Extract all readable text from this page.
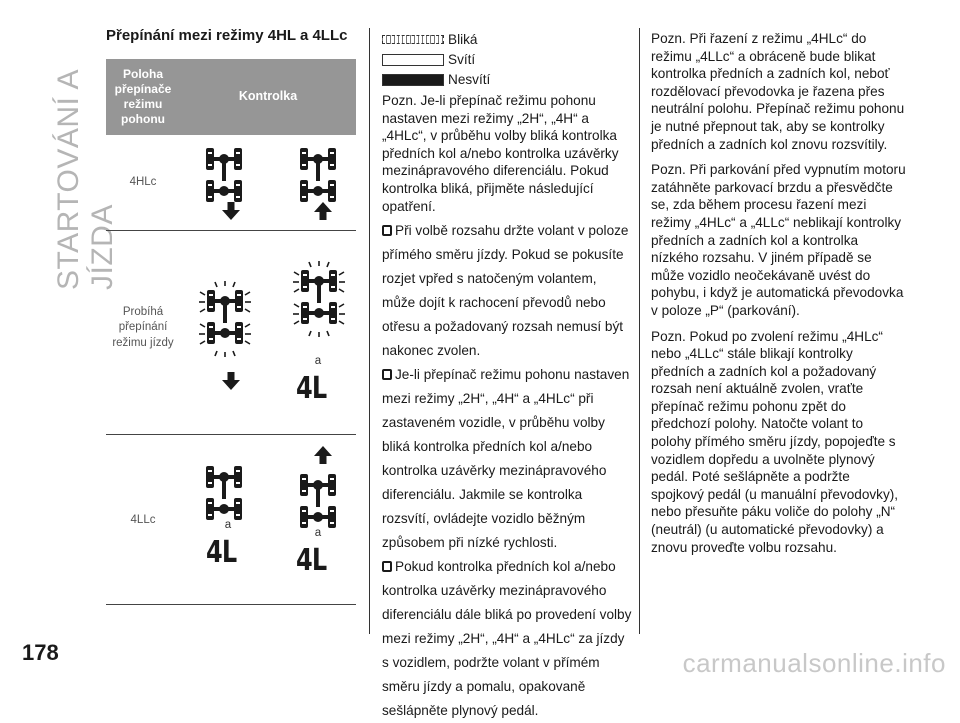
STARTOVÁNÍ A JÍZDA
Přepínání mezi režimy 4HL a 4LLc
Poloha přepínače režimu pohonu
Kontrolka
4HLc
Probíhá přepínání režimu jízdy
a
4L
4LLc	a
4L
a
4L
Bliká
Svítí
Nesvítí

Pozn. Je-li přepínač režimu pohonu nastaven mezi režimy „2H“, „4H“ a „4HLc“, v průběhu volby bliká kontrolka předních kol a/nebo kontrolka uzávěrky mezinápravového diferenciálu. Pokud kontrolka bliká, přijměte následující opatření.

Při volbě rozsahu držte volant v poloze přímého směru jízdy. Pokud se pokusíte rozjet vpřed s natočeným volantem, může dojít k rachocení převodů nebo otřesu a požadovaný rozsah nemusí být nakonec zvolen.

Je-li přepínač režimu pohonu nastaven mezi režimy „2H“, „4H“ a „4HLc“ při zastaveném vozidle, v průběhu volby bliká kontrolka předních kol a/nebo kontrolka uzávěrky mezinápravového diferenciálu. Jakmile se kontrolka rozsvítí, ovládejte vozidlo běžným způsobem při nízké rychlosti.

Pokud kontrolka předních kol a/nebo kontrolka uzávěrky mezinápravového diferenciálu dále bliká po provedení volby mezi režimy „2H“, „4H“ a „4HLc“ za jízdy s vozidlem, podržte volant v přímém směru jízdy a pomalu, opakovaně sešlápněte plynový pedál.

Pozn. Při řazení z režimu „4HLc“ do režimu „4LLc“ a obráceně bude blikat kontrolka předních a zadních kol, neboť rozdělovací převodovka je řazena přes neutrální polohu. Přepínač režimu pohonu je nutné přepnout tak, aby se kontrolky předních a zadních kol znovu rozsvítily.

Pozn. Při parkování před vypnutím motoru zatáhněte parkovací brzdu a přesvědčte se, zda během procesu řazení mezi režimy „4HLc“ a „4LLc“ neblikají kontrolky předních a zadních kol a kontrolka nízkého rozsahu. V jiném případě se může vozidlo neočekávaně uvést do pohybu, i když je automatická převodovka v poloze „P“ (parkování).

Pozn. Pokud po zvolení režimu „4HLc“ nebo „4LLc“ stále blikají kontrolky předních a zadních kol a požadovaný rozsah není aktuálně zvolen, vraťte přepínač režimu pohonu zpět do předchozí polohy. Natočte volant to polohy přímého směru jízdy, popojeďte s vozidlem dopředu a uvolněte plynový pedál. Poté sešlápněte a podržte spojkový pedál (u manuální převodovky), nebo přesuňte páku voliče do polohy „N“ (neutrál) (u automatické převodovky) a znovu proveďte volbu rozsahu.

178	carmanualsonline.info
